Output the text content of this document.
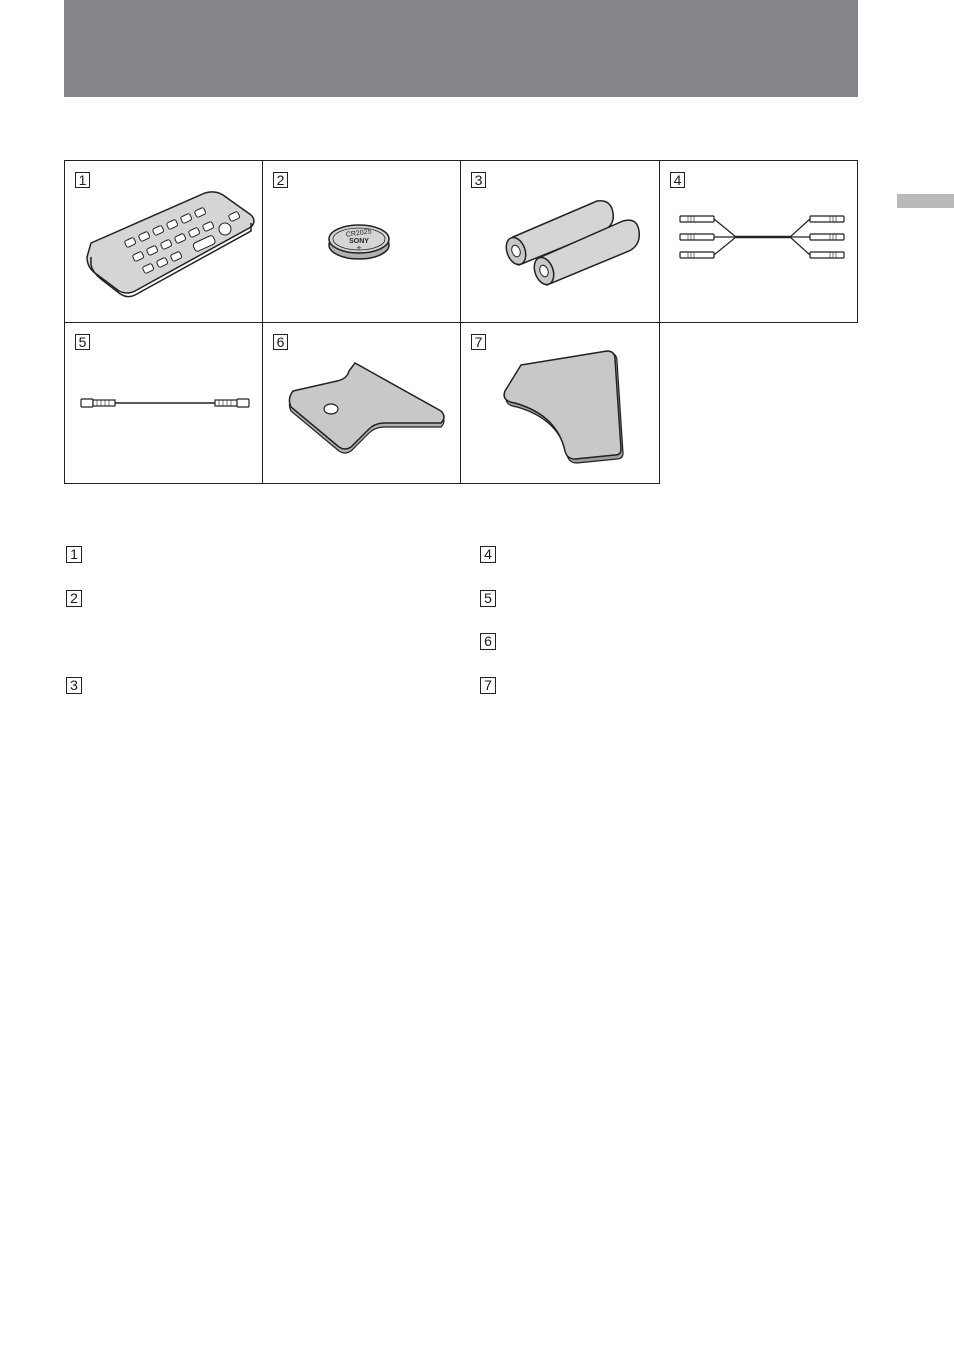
1	2
CR2025
SONY
+
3	4
5	6	7
1
2
3
4
5
6
7
